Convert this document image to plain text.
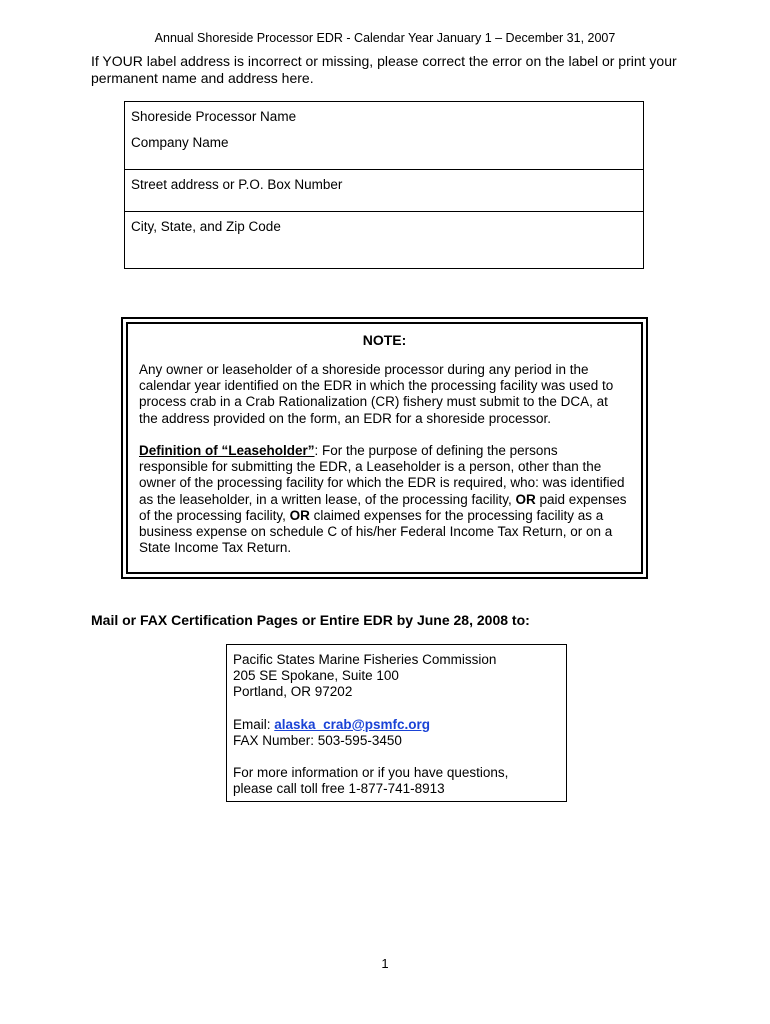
Annual Shoreside Processor EDR - Calendar Year January 1 – December 31, 2007
If YOUR label address is incorrect or missing, please correct the error on the label or print your permanent name and address here.
Shoreside Processor Name
Company Name
Street address or P.O. Box Number
City, State, and Zip Code
NOTE:
Any owner or leaseholder of a shoreside processor during any period in the calendar year identified on the EDR in which the processing facility was used to process crab in a Crab Rationalization (CR) fishery must submit to the DCA, at the address provided on the form, an EDR for a shoreside processor.
Definition of “Leaseholder”: For the purpose of defining the persons responsible for submitting the EDR, a Leaseholder is a person, other than the owner of the processing facility for which the EDR is required, who: was identified as the leaseholder, in a written lease, of the processing facility, OR paid expenses of the processing facility, OR claimed expenses for the processing facility as a business expense on schedule C of his/her Federal Income Tax Return, or on a State Income Tax Return.
Mail or FAX Certification Pages or Entire EDR by June 28, 2008 to:
Pacific States Marine Fisheries Commission
205 SE Spokane, Suite 100
Portland, OR 97202
Email: alaska_crab@psmfc.org
FAX Number: 503-595-3450
For more information or if you have questions,
please call toll free 1-877-741-8913
1
